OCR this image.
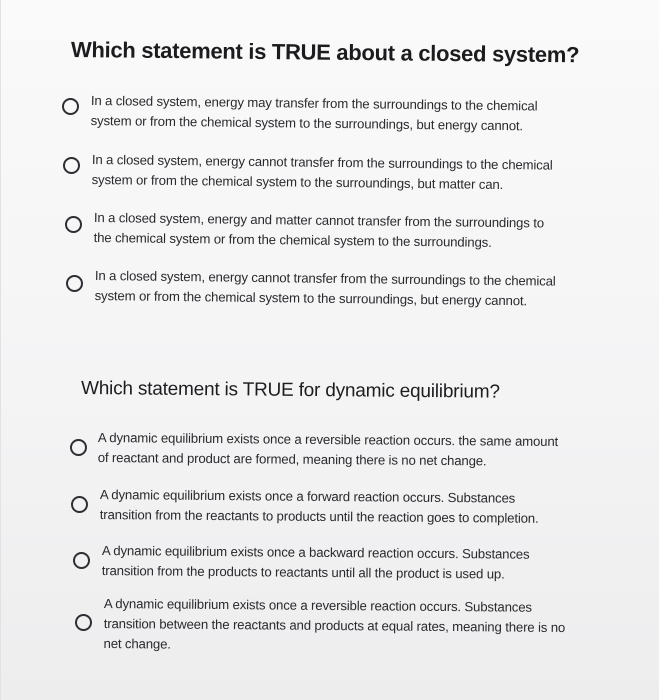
Which statement is TRUE about a closed system?
In a closed system, energy may transfer from the surroundings to the chemical
system or from the chemical system to the surroundings, but energy cannot.
In a closed system, energy cannot transfer from the surroundings to the chemical
system or from the chemical system to the surroundings, but matter can.
In a closed system, energy and matter cannot transfer from the surroundings to
the chemical system or from the chemical system to the surroundings.
In a closed system, energy cannot transfer from the surroundings to the chemical
system or from the chemical system to the surroundings, but energy cannot.
Which statement is TRUE for dynamic equilibrium?
A dynamic equilibrium exists once a reversible reaction occurs. the same amount
of reactant and product are formed, meaning there is no net change.
A dynamic equilibrium exists once a forward reaction occurs. Substances
transition from the reactants to products until the reaction goes to completion.
A dynamic equilibrium exists once a backward reaction occurs. Substances
transition from the products to reactants until all the product is used up.
A dynamic equilibrium exists once a reversible reaction occurs. Substances
transition between the reactants and products at equal rates, meaning there is no
net change.
